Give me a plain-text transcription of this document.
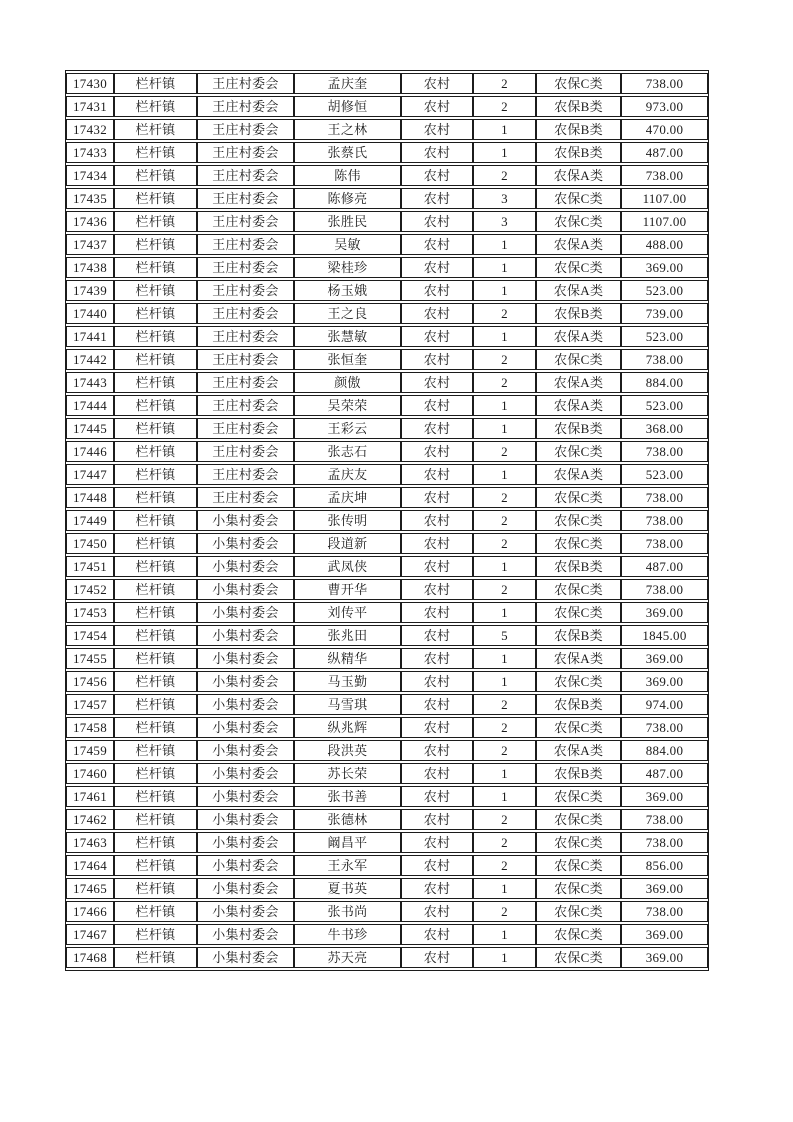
17430	栏杆镇	王庄村委会	孟庆奎	农村	2	农保C类	738.00
17431	栏杆镇	王庄村委会	胡修恒	农村	2	农保B类	973.00
17432	栏杆镇	王庄村委会	王之林	农村	1	农保B类	470.00
17433	栏杆镇	王庄村委会	张蔡氏	农村	1	农保B类	487.00
17434	栏杆镇	王庄村委会	陈伟	农村	2	农保A类	738.00
17435	栏杆镇	王庄村委会	陈修亮	农村	3	农保C类	1107.00
17436	栏杆镇	王庄村委会	张胜民	农村	3	农保C类	1107.00
17437	栏杆镇	王庄村委会	吴敏	农村	1	农保A类	488.00
17438	栏杆镇	王庄村委会	梁桂珍	农村	1	农保C类	369.00
17439	栏杆镇	王庄村委会	杨玉娥	农村	1	农保A类	523.00
17440	栏杆镇	王庄村委会	王之良	农村	2	农保B类	739.00
17441	栏杆镇	王庄村委会	张慧敏	农村	1	农保A类	523.00
17442	栏杆镇	王庄村委会	张恒奎	农村	2	农保C类	738.00
17443	栏杆镇	王庄村委会	颜傲	农村	2	农保A类	884.00
17444	栏杆镇	王庄村委会	吴荣荣	农村	1	农保A类	523.00
17445	栏杆镇	王庄村委会	王彩云	农村	1	农保B类	368.00
17446	栏杆镇	王庄村委会	张志石	农村	2	农保C类	738.00
17447	栏杆镇	王庄村委会	孟庆友	农村	1	农保A类	523.00
17448	栏杆镇	王庄村委会	孟庆坤	农村	2	农保C类	738.00
17449	栏杆镇	小集村委会	张传明	农村	2	农保C类	738.00
17450	栏杆镇	小集村委会	段道新	农村	2	农保C类	738.00
17451	栏杆镇	小集村委会	武凤侠	农村	1	农保B类	487.00
17452	栏杆镇	小集村委会	曹开华	农村	2	农保C类	738.00
17453	栏杆镇	小集村委会	刘传平	农村	1	农保C类	369.00
17454	栏杆镇	小集村委会	张兆田	农村	5	农保B类	1845.00
17455	栏杆镇	小集村委会	纵精华	农村	1	农保A类	369.00
17456	栏杆镇	小集村委会	马玉勤	农村	1	农保C类	369.00
17457	栏杆镇	小集村委会	马雪琪	农村	2	农保B类	974.00
17458	栏杆镇	小集村委会	纵兆辉	农村	2	农保C类	738.00
17459	栏杆镇	小集村委会	段洪英	农村	2	农保A类	884.00
17460	栏杆镇	小集村委会	苏长荣	农村	1	农保B类	487.00
17461	栏杆镇	小集村委会	张书善	农村	1	农保C类	369.00
17462	栏杆镇	小集村委会	张德林	农村	2	农保C类	738.00
17463	栏杆镇	小集村委会	阚昌平	农村	2	农保C类	738.00
17464	栏杆镇	小集村委会	王永军	农村	2	农保C类	856.00
17465	栏杆镇	小集村委会	夏书英	农村	1	农保C类	369.00
17466	栏杆镇	小集村委会	张书尚	农村	2	农保C类	738.00
17467	栏杆镇	小集村委会	牛书珍	农村	1	农保C类	369.00
17468	栏杆镇	小集村委会	苏天亮	农村	1	农保C类	369.00
